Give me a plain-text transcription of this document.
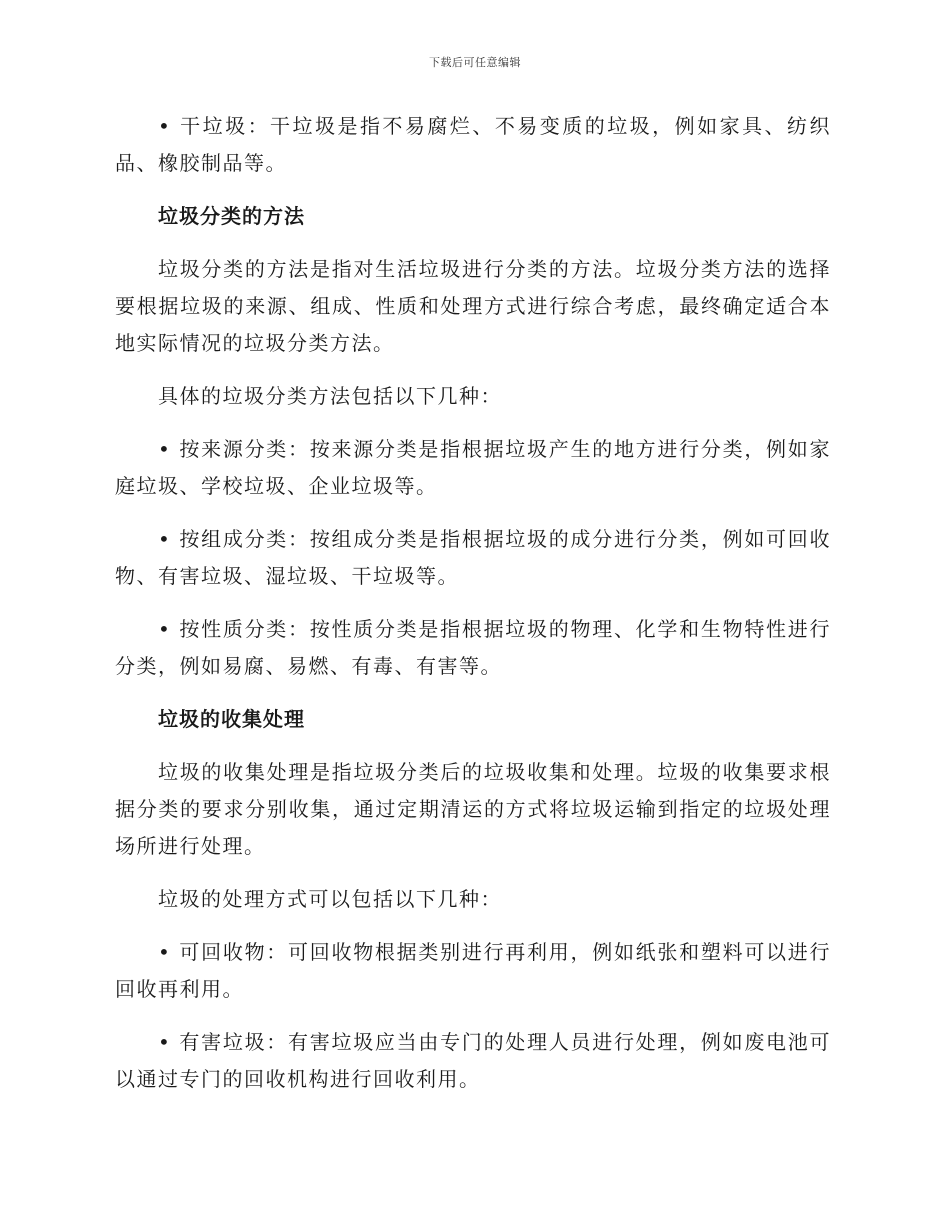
下载后可任意编辑

• 干垃圾：干垃圾是指不易腐烂、不易变质的垃圾，例如家具、纺织品、橡胶制品等。

垃圾分类的方法

垃圾分类的方法是指对生活垃圾进行分类的方法。垃圾分类方法的选择要根据垃圾的来源、组成、性质和处理方式进行综合考虑，最终确定适合本地实际情况的垃圾分类方法。

具体的垃圾分类方法包括以下几种：

• 按来源分类：按来源分类是指根据垃圾产生的地方进行分类，例如家庭垃圾、学校垃圾、企业垃圾等。

• 按组成分类：按组成分类是指根据垃圾的成分进行分类，例如可回收物、有害垃圾、湿垃圾、干垃圾等。

• 按性质分类：按性质分类是指根据垃圾的物理、化学和生物特性进行分类，例如易腐、易燃、有毒、有害等。

垃圾的收集处理

垃圾的收集处理是指垃圾分类后的垃圾收集和处理。垃圾的收集要求根据分类的要求分别收集，通过定期清运的方式将垃圾运输到指定的垃圾处理场所进行处理。

垃圾的处理方式可以包括以下几种：

• 可回收物：可回收物根据类别进行再利用，例如纸张和塑料可以进行回收再利用。

• 有害垃圾：有害垃圾应当由专门的处理人员进行处理，例如废电池可以通过专门的回收机构进行回收利用。
